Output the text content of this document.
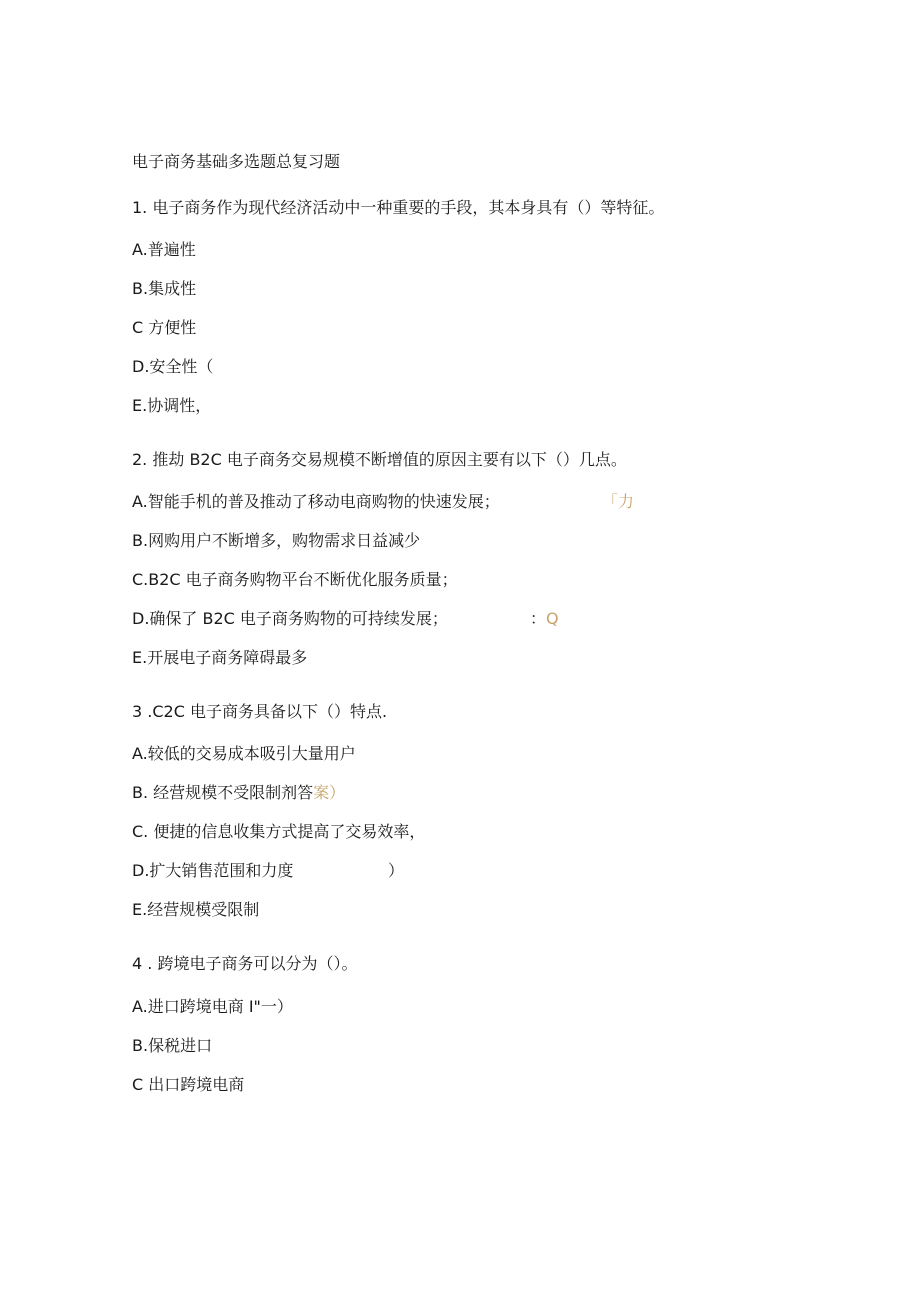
电子商务基础多选题总复习题
1. 电子商务作为现代经济活动中一种重要的手段，其本身具有（）等特征。
A.普遍性
B.集成性
C 方便性
D.安全性（
E.协调性，
2. 推劫 B2C 电子商务交易规模不断增值的原因主要有以下（）几点。
A.智能手机的普及推动了移动电商购物的快速发展；	「力
B.网购用户不断增多，购物需求日益减少
C.B2C 电子商务购物平台不断优化服务质量；
D.确保了 B2C 电子商务购物的可持续发展；	： Q
E.开展电子商务障碍最多
3 .C2C 电子商务具备以下（）特点.
A.较低的交易成本吸引大量用户
B. 经营规模不受限制剂答案）
C. 便捷的信息收集方式提高了交易效率，
D.扩大销售范围和力度	）
E.经营规模受限制
4 . 跨境电子商务可以分为（）。
A.进口跨境电商 I"一）
B.保税进口
C 出口跨境电商
